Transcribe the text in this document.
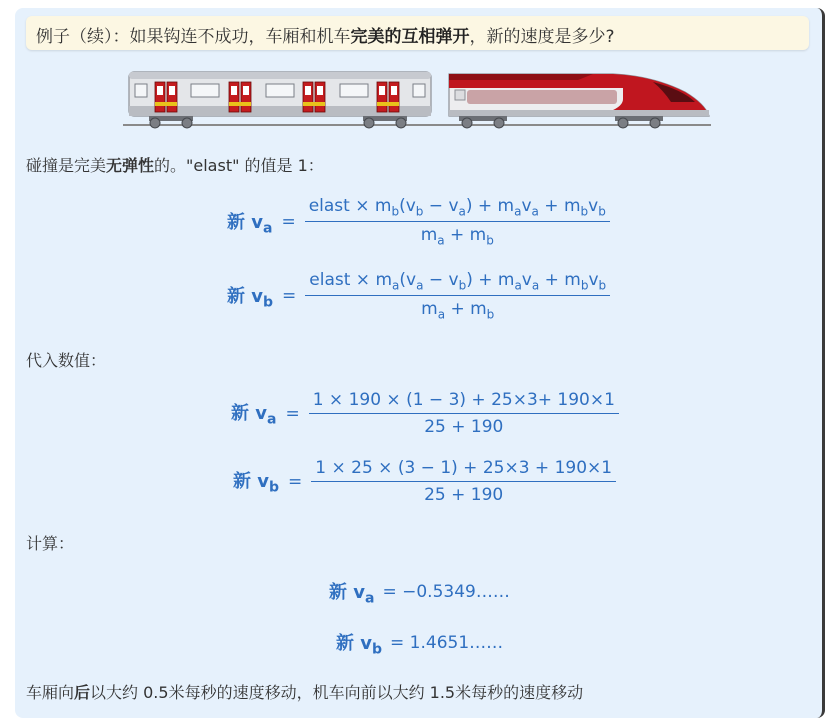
例子（续）：如果钩连不成功，车厢和机车完美的互相弹开，新的速度是多少?
碰撞是完美无弹性的。"elast" 的值是 1：
新 $v_a = \frac{elast \times m_b(v_b - v_a) + m_av_a + m_bv_b}{m_a + m_b}$
新 $v_b = \frac{elast \times m_a(v_a - v_b) + m_av_a + m_bv_b}{m_a + m_b}$
代入数值：
新 $v_a = \frac{1 \times 190 \times (1 - 3) + 25\times 3+ 190\times 1}{25 + 190}$
新 $v_b = \frac{1 \times 25 \times (3 - 1) + 25\times 3 + 190\times 1}{25 + 190}$
计算：
新 $v_a$ = −0.5349……
新 $v_b$ = 1.4651……
车厢向后以大约 0.5米每秒的速度移动，机车向前以大约 1.5米每秒的速度移动
